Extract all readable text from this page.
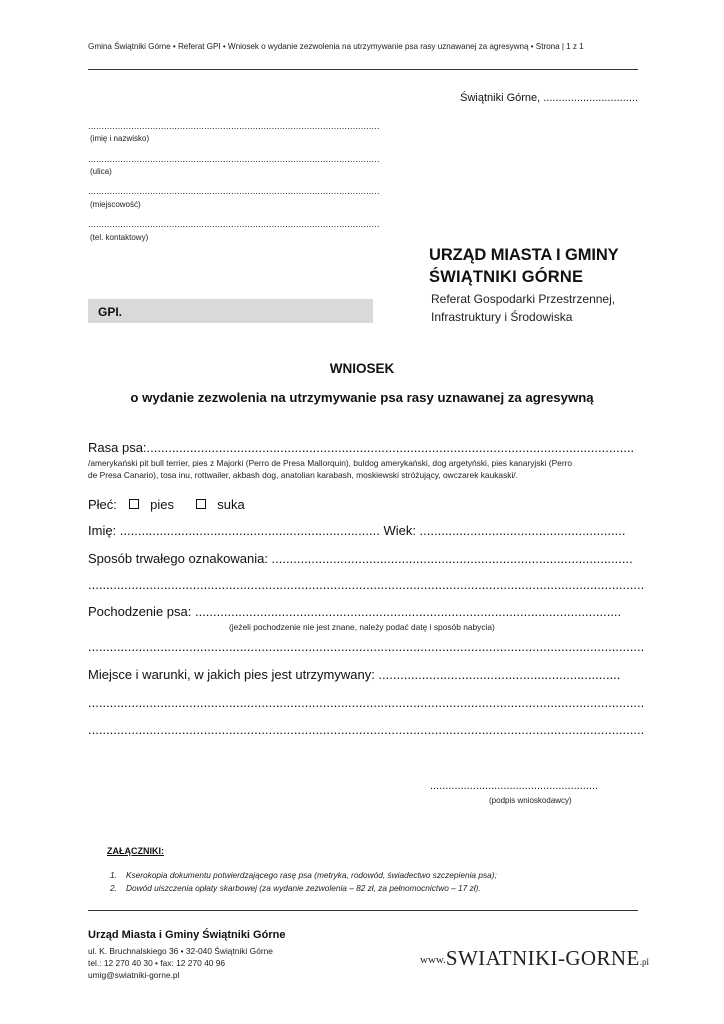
Gmina Świątniki Górne • Referat GPI • Wniosek o wydanie zezwolenia na utrzymywanie psa rasy uznawanej za agresywną • Strona | 1 z 1
Świątniki Górne, ...............................
............................................................................................................
(imię i nazwisko)
............................................................................................................
(ulica)
............................................................................................................
(miejscowość)
............................................................................................................
(tel. kontaktowy)
URZĄD MIASTA I GMINY
ŚWIĄTNIKI GÓRNE
Referat Gospodarki Przestrzennej,
Infrastruktury i Środowiska
GPI.
WNIOSEK
o wydanie zezwolenia na utrzymywanie psa rasy uznawanej za agresywną
Rasa psa:.......................................................................................................................................
/amerykański pit bull terrier, pies z Majorki (Perro de Presa Mallorquin), buldog amerykański, dog argetyński, pies kanaryjski (Perro
de Presa Canario), tosa inu, rottwailer, akbash dog, anatolian karabash, moskiewski stróżujący, owczarek kaukaski/.
Płeć:	pies	suka
Imię: ........................................................................ Wiek: .........................................................
Sposób trwałego oznakowania: ....................................................................................................
..........................................................................................................................................................
Pochodzenie psa: ......................................................................................................................
(jeżeli pochodzenie nie jest znane, należy podać datę i sposób nabycia)
..........................................................................................................................................................
Miejsce i warunki, w jakich pies jest utrzymywany: ...................................................................
..........................................................................................................................................................
..........................................................................................................................................................
.......................................................
(podpis wnioskodawcy)
ZAŁĄCZNIKI:
1. Kserokopia dokumentu potwierdzającego rasę psa (metryka, rodowód, świadectwo szczepienia psa);
2. Dowód uiszczenia opłaty skarbowej (za wydanie zezwolenia – 82 zł, za pełnomocnictwo – 17 zł).
Urząd Miasta i Gminy Świątniki Górne
ul. K. Bruchnalskiego 36 • 32-040 Świątniki Górne
tel.: 12 270 40 30 • fax: 12 270 40 96
umig@swiatniki-gorne.pl
www.SWIATNIKI-GORNE.pl
